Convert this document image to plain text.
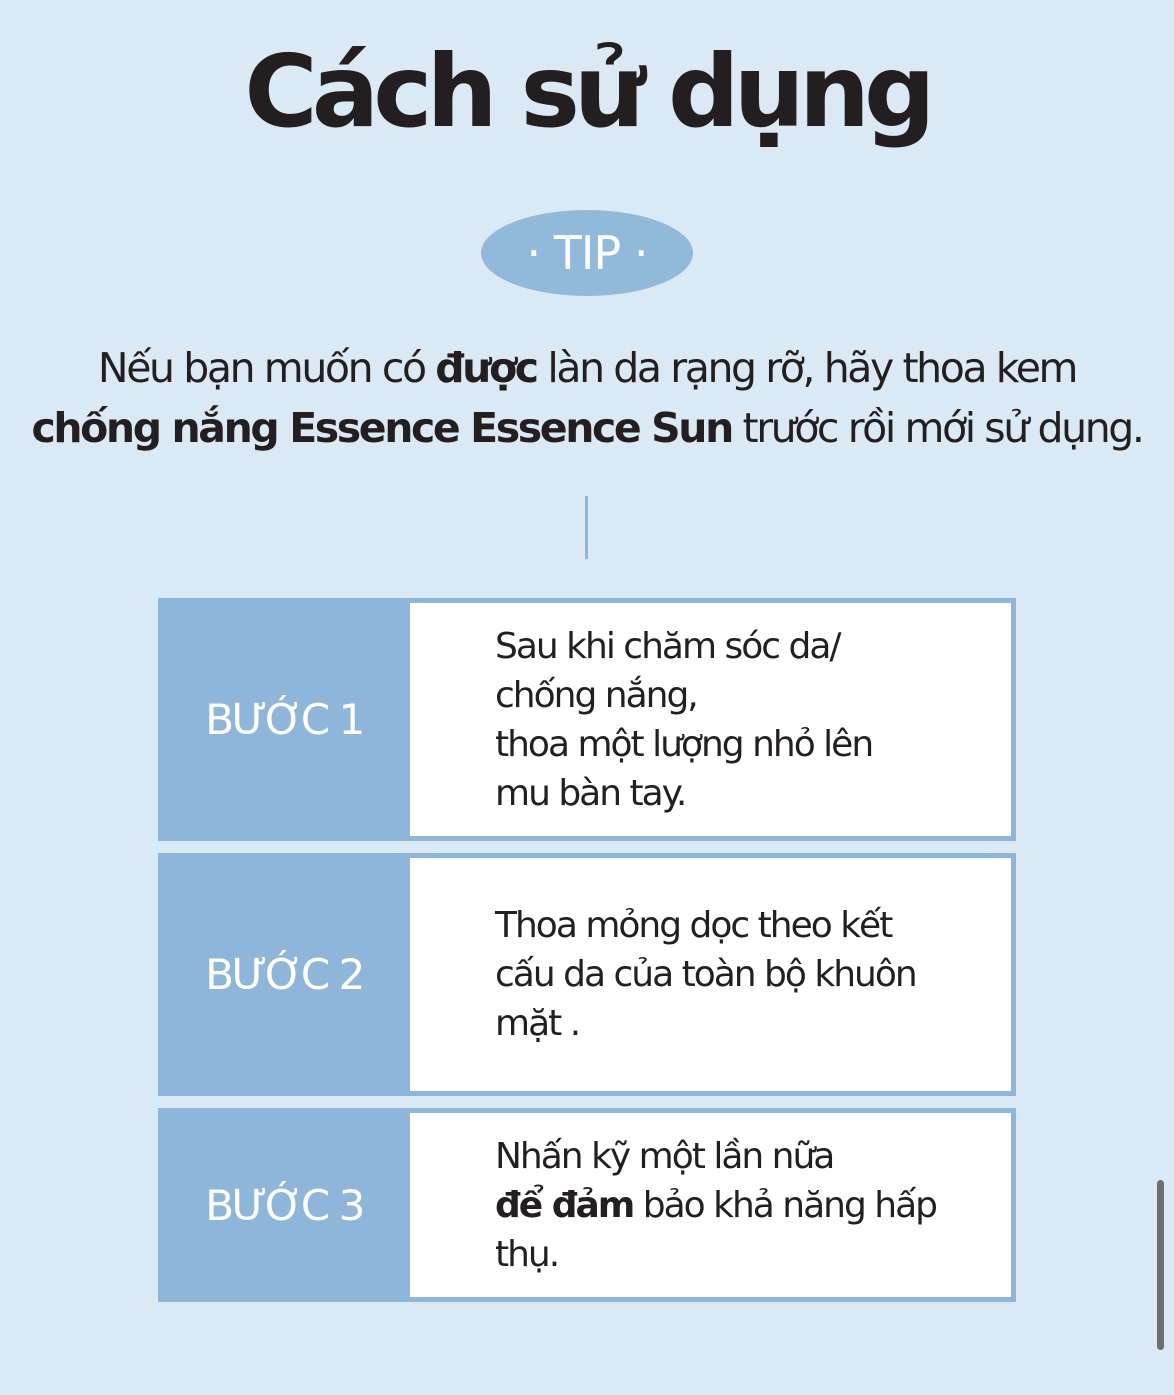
Cách sử dụng
· TIP ·
Nếu bạn muốn có được làn da rạng rỡ, hãy thoa kem
chống nắng Essence Essence Sun trước rồi mới sử dụng.
BƯỚC 1

Sau khi chăm sóc da/

chống nắng,

thoa một lượng nhỏ lên

mu bàn tay.

BƯỚC 2

Thoa mỏng dọc theo kết

cấu da của toàn bộ khuôn

mặt .

BƯỚC 3

Nhấn kỹ một lần nữa

để đảm bảo khả năng hấp

thụ.
